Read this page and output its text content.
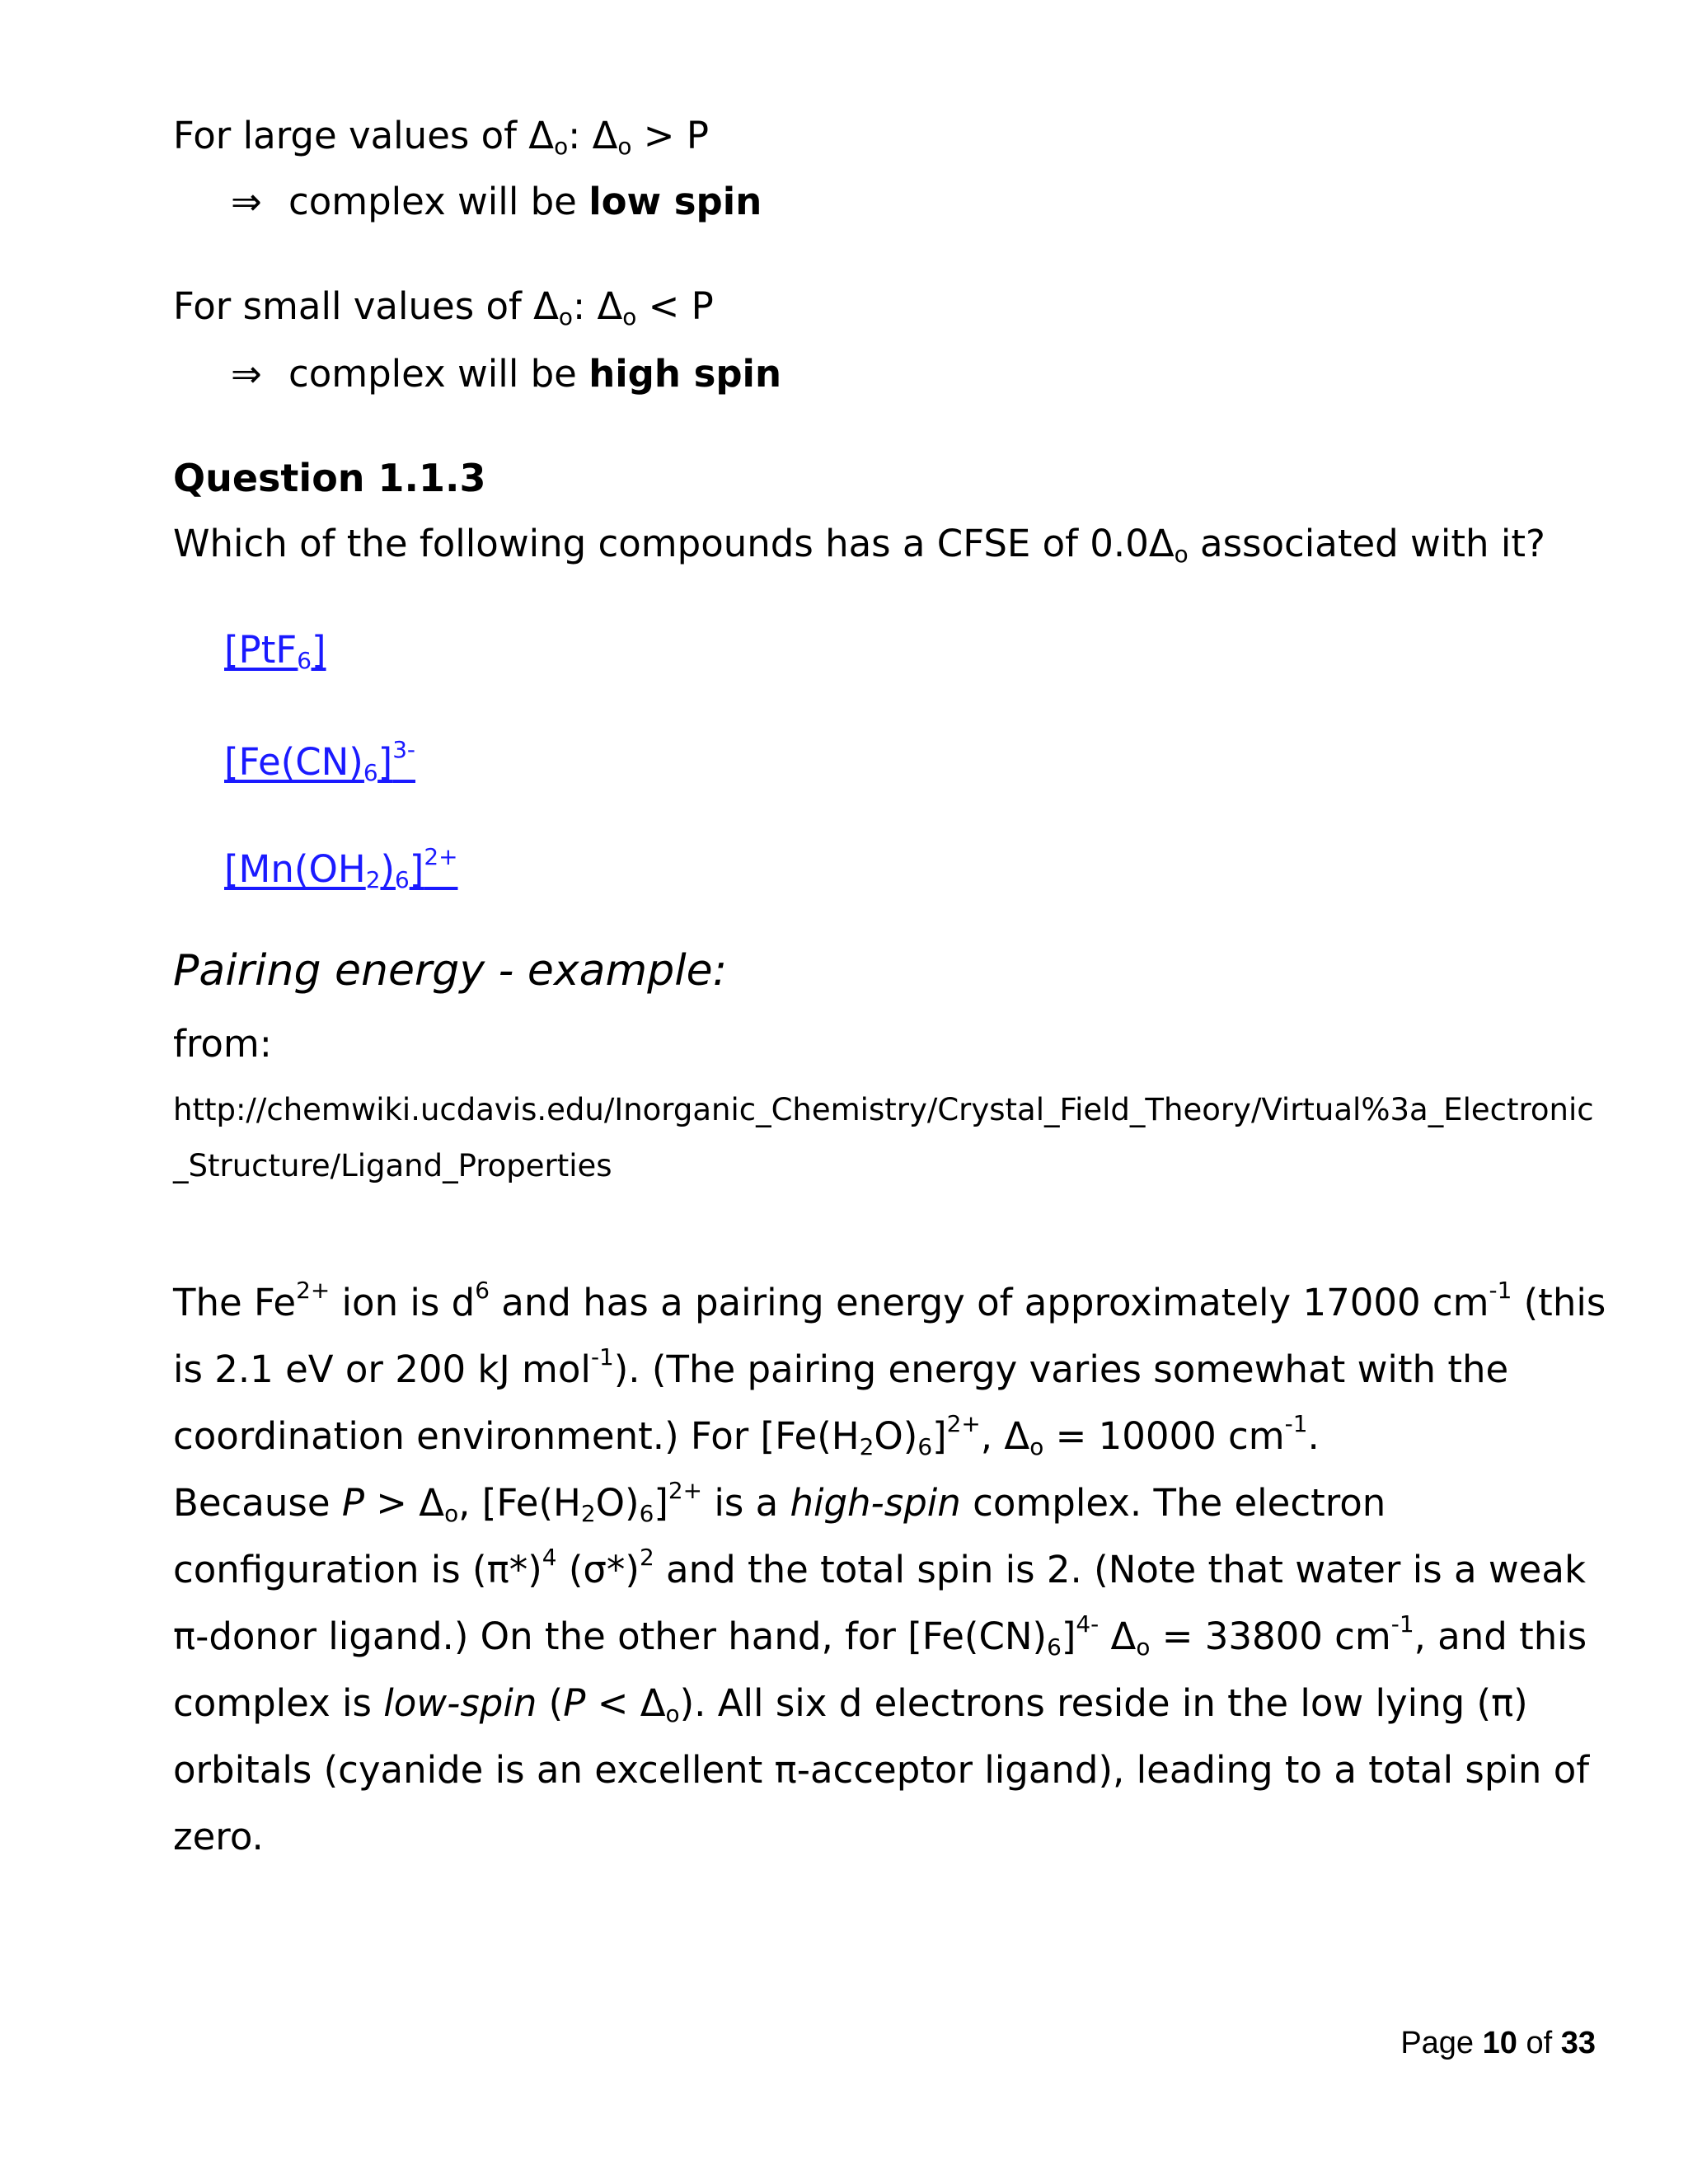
For large values of $\Delta_o$: $\Delta_o > P$
⇒ complex will be low spin
For small values of $\Delta_o$: $\Delta_o < P$
⇒ complex will be high spin
Question 1.1.3
Which of the following compounds has a CFSE of $0.0\Delta_o$ associated with it?
[PtF$_6$]
$[Fe(CN)_6]^{3-}$
$[Mn(OH_2)_6]^{2+}$
Pairing energy - example:
from:
http://chemwiki.ucdavis.edu/Inorganic_Chemistry/Crystal_Field_Theory/Virtual%3a_Electronic
_Structure/Ligand_Properties

The $Fe^{2+}$ ion is $d^6$ and has a pairing energy of approximately 17000 $cm^{-1}$ (this is 2.1 eV or 200 kJ mol$^{-1}$). (The pairing energy varies somewhat with the coordination environment.) For $[Fe(H_2O)_6]^{2+}$, $\Delta_o = 10000$ $cm^{-1}$.

Because $P > \Delta_o$, $[Fe(H_2O)_6]^{2+}$ is a high-spin complex. The electron configuration is $(\pi*)^4$ $(\sigma*)^2$ and the total spin is 2. (Note that water is a weak π-donor ligand.) On the other hand, for $[Fe(CN)_6]^{4-}$ $\Delta_o = 33800$ $cm^{-1}$, and this complex is low-spin $(P < \Delta_o)$. All six d electrons reside in the low lying (π) orbitals (cyanide is an excellent π-acceptor ligand), leading to a total spin of zero.

Page 10 of 33
